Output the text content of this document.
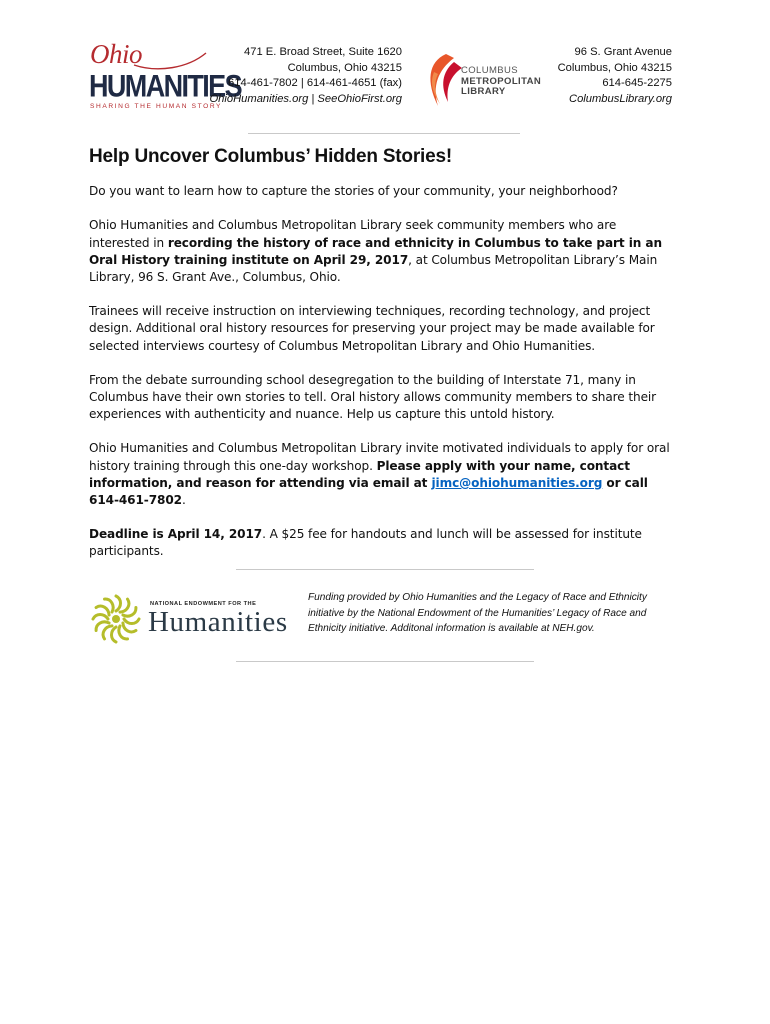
Ohio
HUMANITIES
SHARING THE HUMAN STORY
471 E. Broad Street, Suite 1620
Columbus, Ohio 43215
614-461-7802 | 614-461-4651 (fax)
OhioHumanities.org | SeeOhioFirst.org
COLUMBUS
METROPOLITAN
LIBRARY
96 S. Grant Avenue
Columbus, Ohio 43215
614-645-2275
ColumbusLibrary.org
Help Uncover Columbus’ Hidden Stories!

Do you want to learn how to capture the stories of your community, your neighborhood?

Ohio Humanities and Columbus Metropolitan Library seek community members who are interested in recording the history of race and ethnicity in Columbus to take part in an Oral History training institute on April 29, 2017, at Columbus Metropolitan Library’s Main Library, 96 S. Grant Ave., Columbus, Ohio.

Trainees will receive instruction on interviewing techniques, recording technology, and project design. Additional oral history resources for preserving your project may be made available for selected interviews courtesy of Columbus Metropolitan Library and Ohio Humanities.

From the debate surrounding school desegregation to the building of Interstate 71, many in Columbus have their own stories to tell. Oral history allows community members to share their experiences with authenticity and nuance. Help us capture this untold history.

Ohio Humanities and Columbus Metropolitan Library invite motivated individuals to apply for oral history training through this one-day workshop. Please apply with your name, contact information, and reason for attending via email at jimc@ohiohumanities.org or call 614-461-7802.

Deadline is April 14, 2017. A $25 fee for handouts and lunch will be assessed for institute participants.

NATIONAL ENDOWMENT FOR THE
Humanities
Funding provided by Ohio Humanities and the Legacy of Race and Ethnicity initiative by the National Endowment of the Humanities’ Legacy of Race and Ethnicity initiative. Additonal information is available at NEH.gov.
